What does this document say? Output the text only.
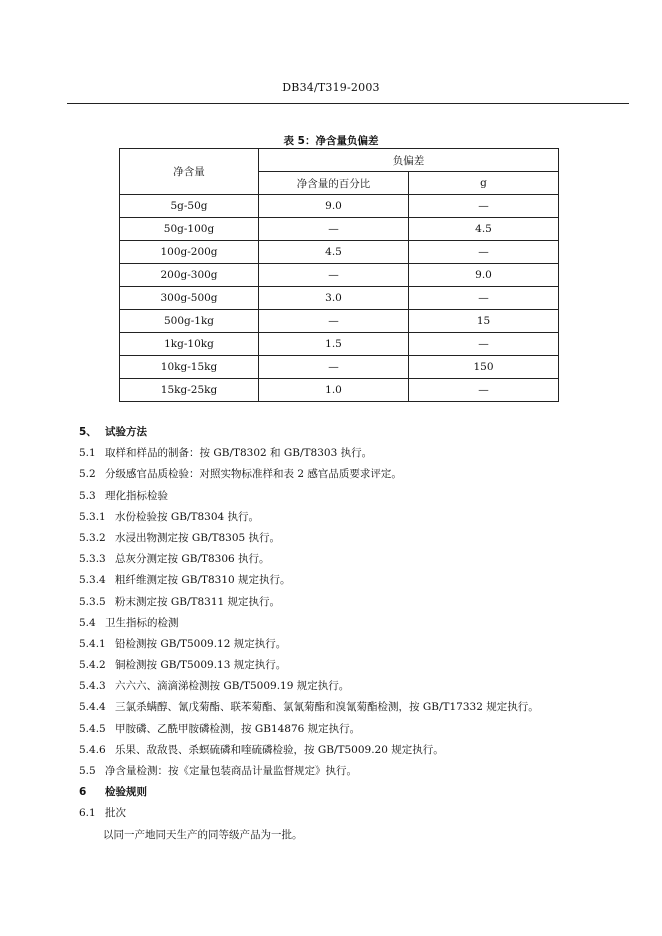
DB34/T319-2003
表 5：净含量负偏差
净含量	负偏差	
	净含量的百分比	g
5g-50g	9.0	—
50g-100g	—	4.5
100g-200g	4.5	—
200g-300g	—	9.0
300g-500g	3.0	—
500g-1kg	—	15
1kg-10kg	1.5	—
10kg-15kg	—	150
15kg-25kg	1.0	—
5、 试验方法
5.1 取样和样品的制备：按 GB/T8302 和 GB/T8303 执行。
5.2 分级感官品质检验：对照实物标准样和表 2 感官品质要求评定。
5.3 理化指标检验
5.3.1 水份检验按 GB/T8304 执行。
5.3.2 水浸出物测定按 GB/T8305 执行。
5.3.3 总灰分测定按 GB/T8306 执行。
5.3.4 粗纤维测定按 GB/T8310 规定执行。
5.3.5 粉末测定按 GB/T8311 规定执行。
5.4 卫生指标的检测
5.4.1 铅检测按 GB/T5009.12 规定执行。
5.4.2 铜检测按 GB/T5009.13 规定执行。
5.4.3 六六六、滴滴涕检测按 GB/T5009.19 规定执行。
5.4.4 三氯杀螨醇、氰戊菊酯、联苯菊酯、氯氰菊酯和溴氰菊酯检测，按 GB/T17332 规定执行。
5.4.5 甲胺磷、乙酰甲胺磷检测，按 GB14876 规定执行。
5.4.6 乐果、敌敌畏、杀螟硫磷和喹硫磷检验，按 GB/T5009.20 规定执行。
5.5 净含量检测：按《定量包装商品计量监督规定》执行。
6 检验规则
6.1 批次
以同一产地同天生产的同等级产品为一批。
